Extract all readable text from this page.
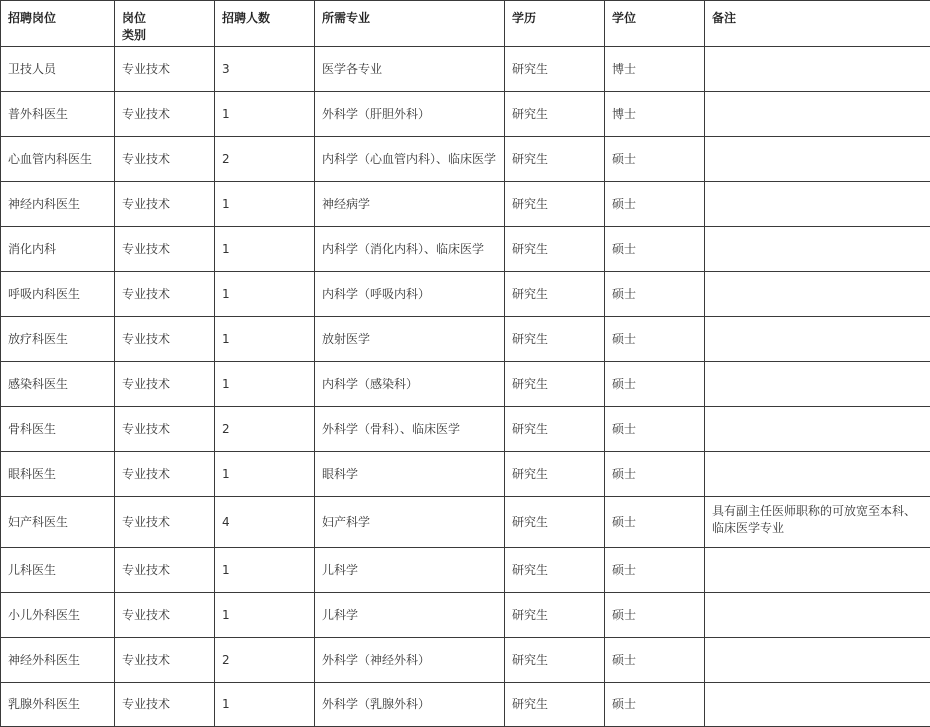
招聘岗位	岗位类别	招聘人数	所需专业	学历	学位	备注
卫技人员	专业技术	3	医学各专业	研究生	博士	
普外科医生	专业技术	1	外科学（肝胆外科）	研究生	博士	
心血管内科医生	专业技术	2	内科学（心血管内科）、临床医学	研究生	硕士	
神经内科医生	专业技术	1	神经病学	研究生	硕士	
消化内科	专业技术	1	内科学（消化内科）、临床医学	研究生	硕士	
呼吸内科医生	专业技术	1	内科学（呼吸内科）	研究生	硕士	
放疗科医生	专业技术	1	放射医学	研究生	硕士	
感染科医生	专业技术	1	内科学（感染科）	研究生	硕士	
骨科医生	专业技术	2	外科学（骨科）、临床医学	研究生	硕士	
眼科医生	专业技术	1	眼科学	研究生	硕士	
妇产科医生	专业技术	4	妇产科学	研究生	硕士	具有副主任医师职称的可放宽至本科、临床医学专业
儿科医生	专业技术	1	儿科学	研究生	硕士	
小儿外科医生	专业技术	1	儿科学	研究生	硕士	
神经外科医生	专业技术	2	外科学（神经外科）	研究生	硕士	
乳腺外科医生	专业技术	1	外科学（乳腺外科）	研究生	硕士	
